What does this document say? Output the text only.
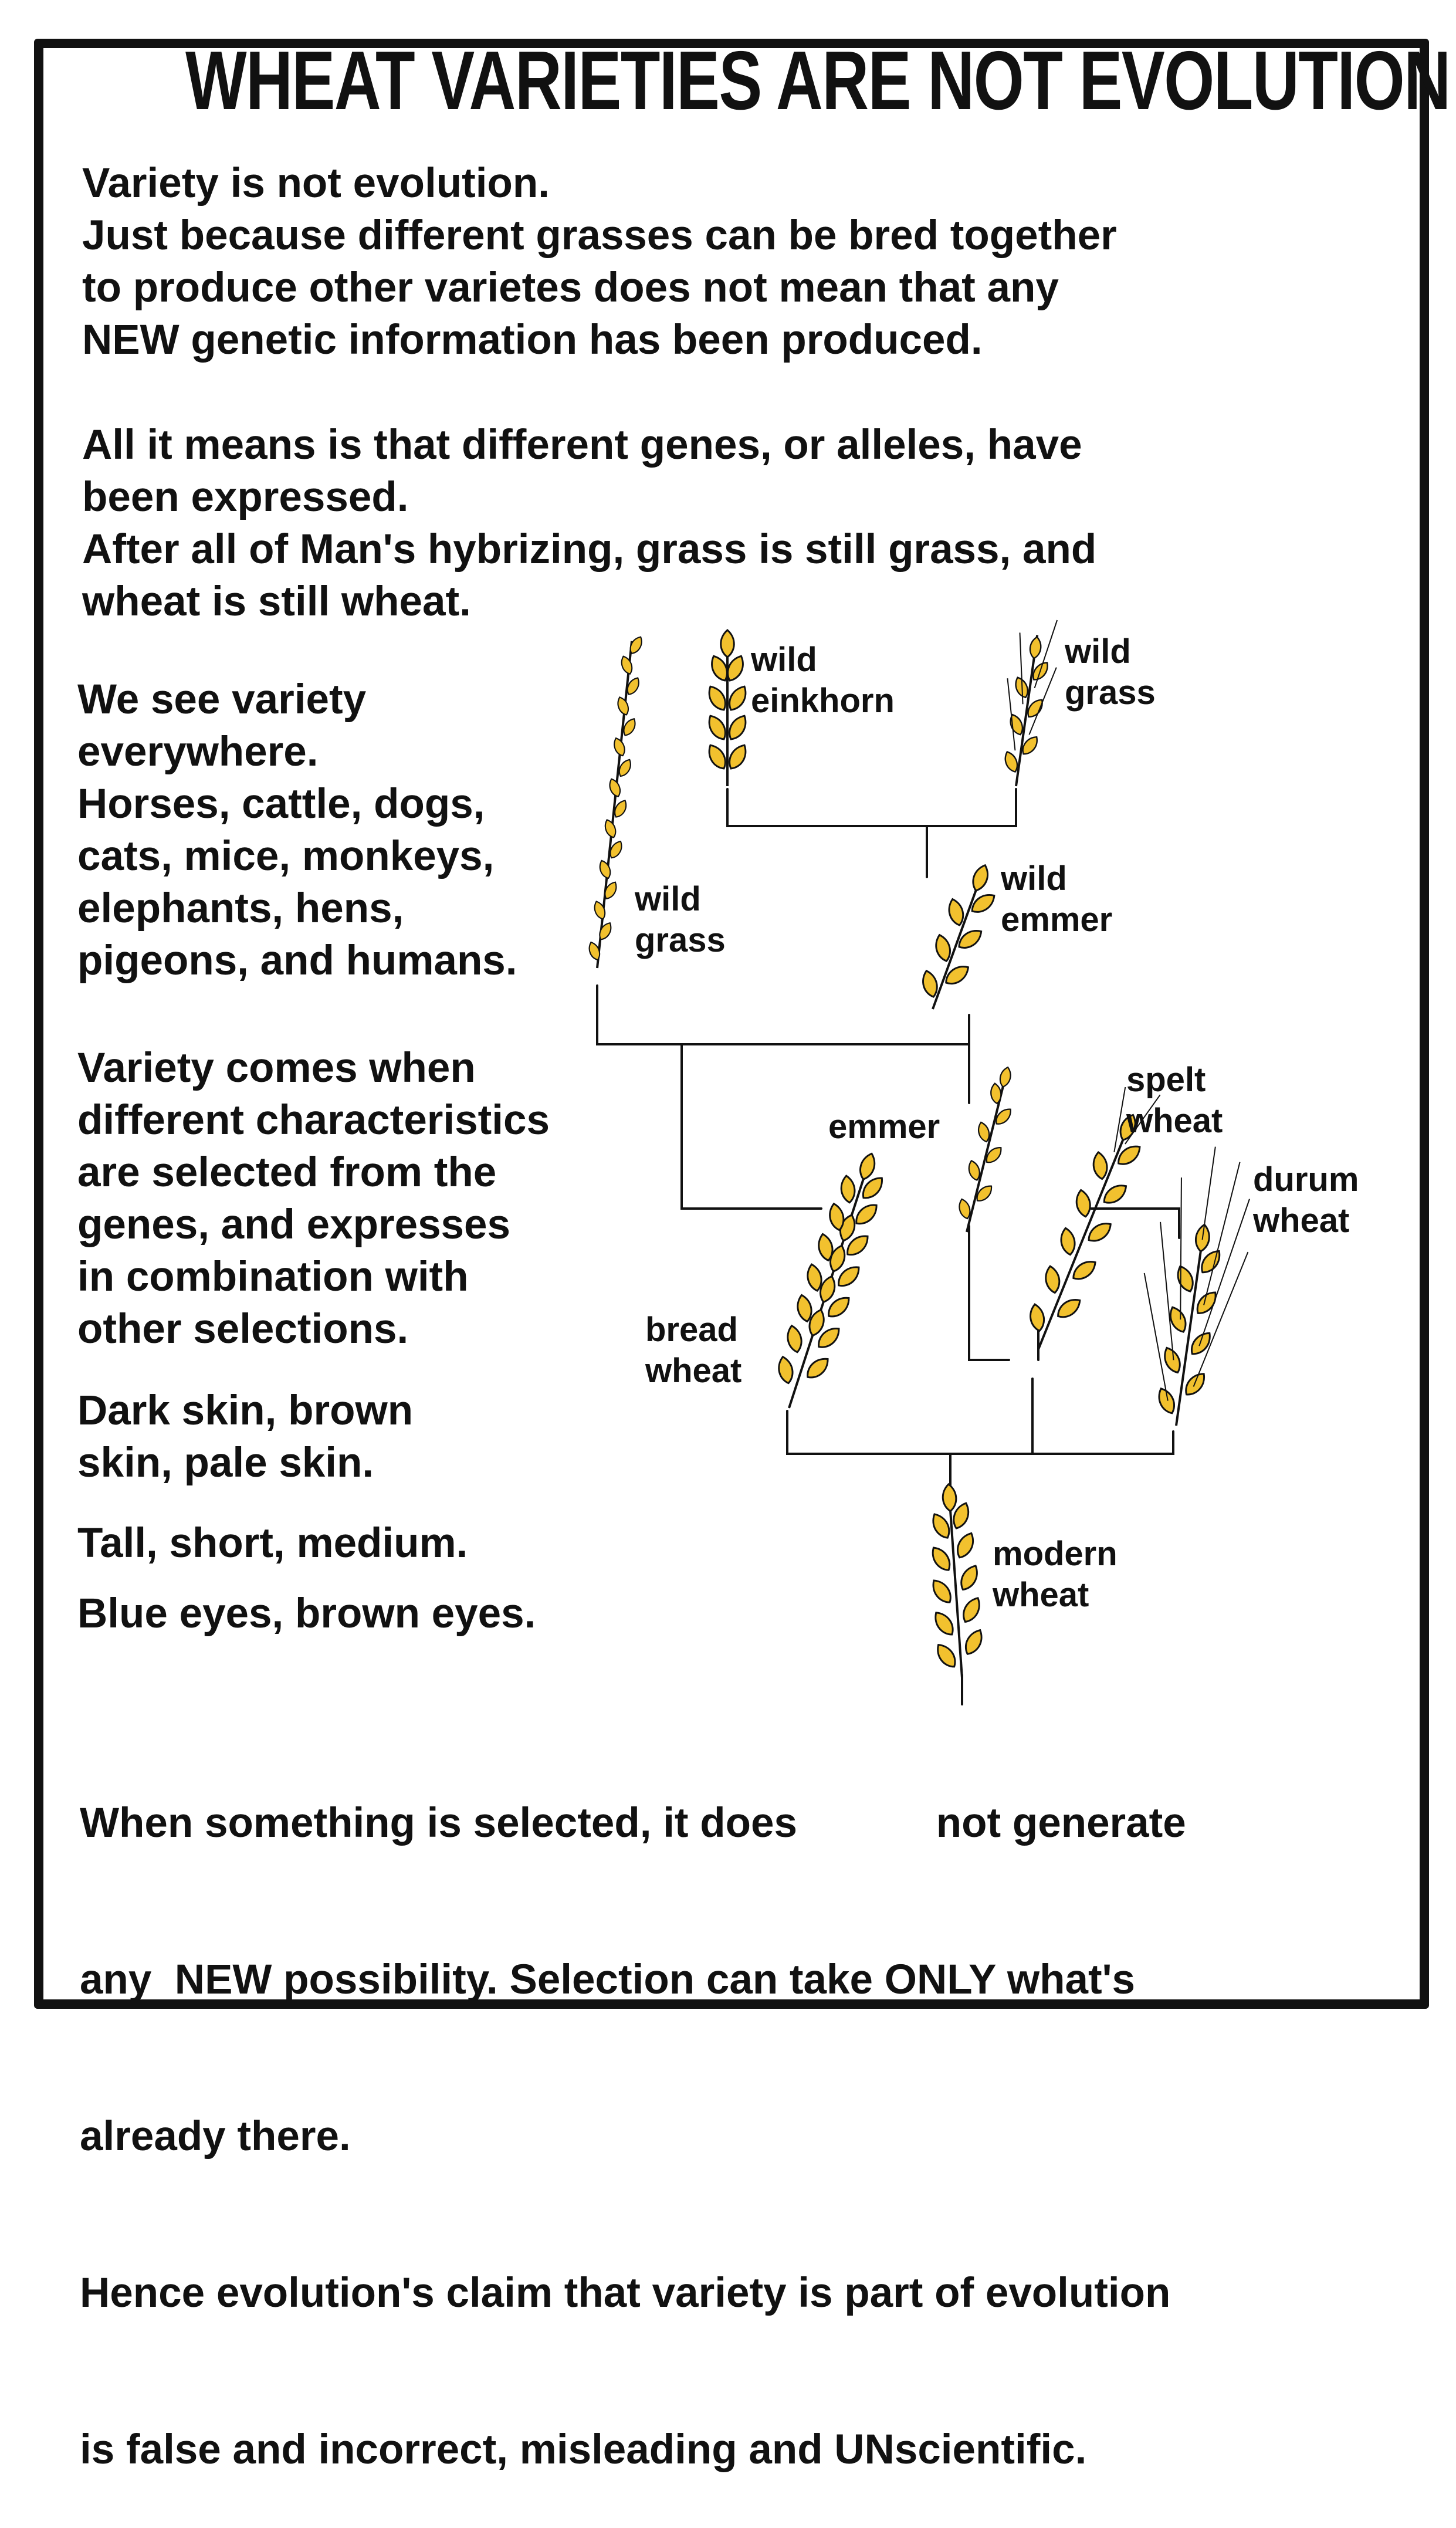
WHEAT VARIETIES ARE NOT EVOLUTION
Variety is not evolution.
Just because different grasses can be bred together
to produce other varietes does not mean that any
NEW genetic information has been produced.
All it means is that different genes, or alleles, have
been expressed.
After all of Man's hybrizing, grass is still grass, and
wheat is still wheat.
We see variety
everywhere.
Horses, cattle, dogs,
cats, mice, monkeys,
elephants, hens,
pigeons, and humans.
Variety comes when
different characteristics
are selected from the
genes, and expresses
in combination with
other selections.
Dark skin, brown
skin, pale skin.
Tall, short, medium.
Blue eyes, brown eyes.

When something is selected, it does            not generate

any  NEW possibility. Selection can take ONLY what's

already there.

Hence evolution's claim that variety is part of evolution

is false and incorrect, misleading and UNscientific.

wild
einkhorn
wild
grass
wild
grass
wild
emmer
emmer
spelt
wheat
durum
wheat
bread
wheat
modern
wheat
